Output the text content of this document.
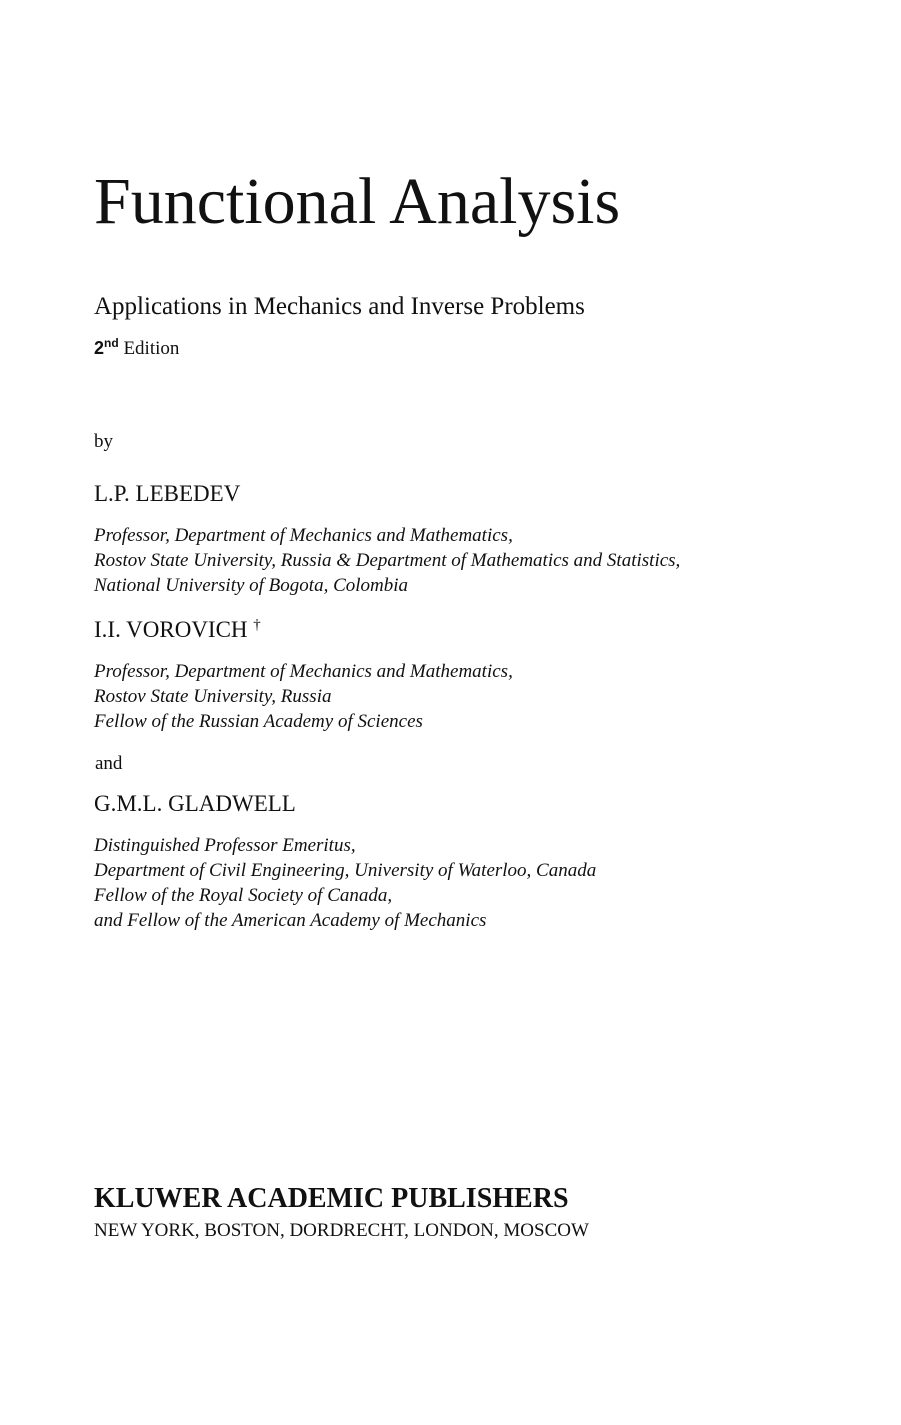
Functional Analysis
Applications in Mechanics and Inverse Problems
2nd Edition
by
L.P. LEBEDEV
Professor, Department of Mechanics and Mathematics,
Rostov State University, Russia & Department of Mathematics and Statistics,
National University of Bogota, Colombia
I.I. VOROVICH †
Professor, Department of Mechanics and Mathematics,
Rostov State University, Russia
Fellow of the Russian Academy of Sciences
and
G.M.L. GLADWELL
Distinguished Professor Emeritus,
Department of Civil Engineering, University of Waterloo, Canada
Fellow of the Royal Society of Canada,
and Fellow of the American Academy of Mechanics
KLUWER ACADEMIC PUBLISHERS
NEW YORK, BOSTON, DORDRECHT, LONDON, MOSCOW
